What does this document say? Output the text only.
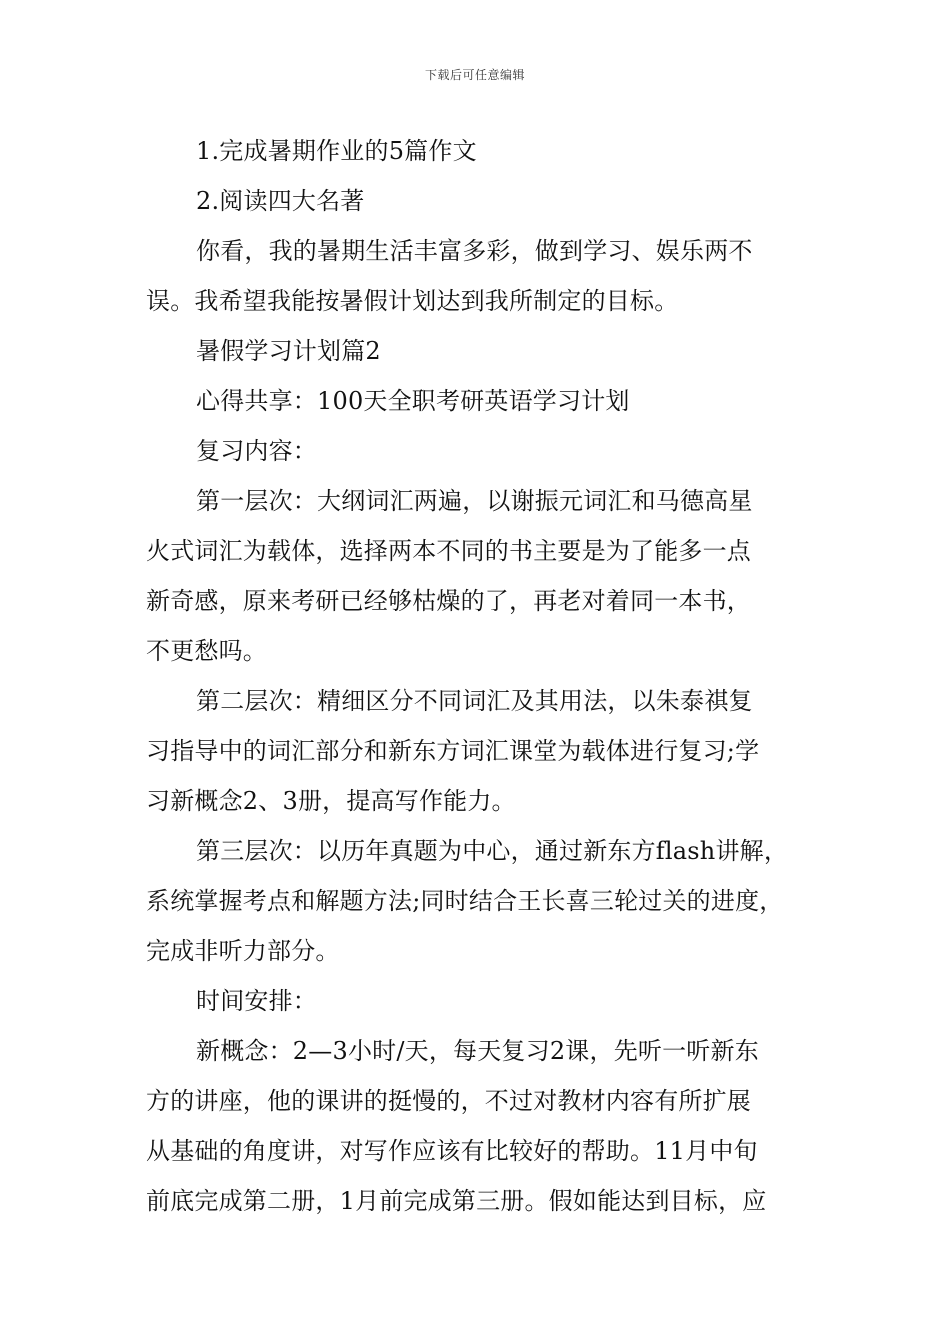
下载后可任意编辑
1.完成暑期作业的5篇作文
2.阅读四大名著
你看，我的暑期生活丰富多彩，做到学习、娱乐两不
误。我希望我能按暑假计划达到我所制定的目标。
暑假学习计划篇2
心得共享：100天全职考研英语学习计划
复习内容：
第一层次：大纲词汇两遍，以谢振元词汇和马德高星
火式词汇为载体，选择两本不同的书主要是为了能多一点
新奇感，原来考研已经够枯燥的了，再老对着同一本书，
不更愁吗。
第二层次：精细区分不同词汇及其用法，以朱泰祺复
习指导中的词汇部分和新东方词汇课堂为载体进行复习;学
习新概念2、3册，提高写作能力。
第三层次：以历年真题为中心，通过新东方flash讲解，
系统掌握考点和解题方法;同时结合王长喜三轮过关的进度，
完成非听力部分。
时间安排：
新概念：2—3小时/天，每天复习2课，先听一听新东
方的讲座，他的课讲的挺慢的，不过对教材内容有所扩展
从基础的角度讲，对写作应该有比较好的帮助。11月中旬
前底完成第二册，1月前完成第三册。假如能达到目标，应
